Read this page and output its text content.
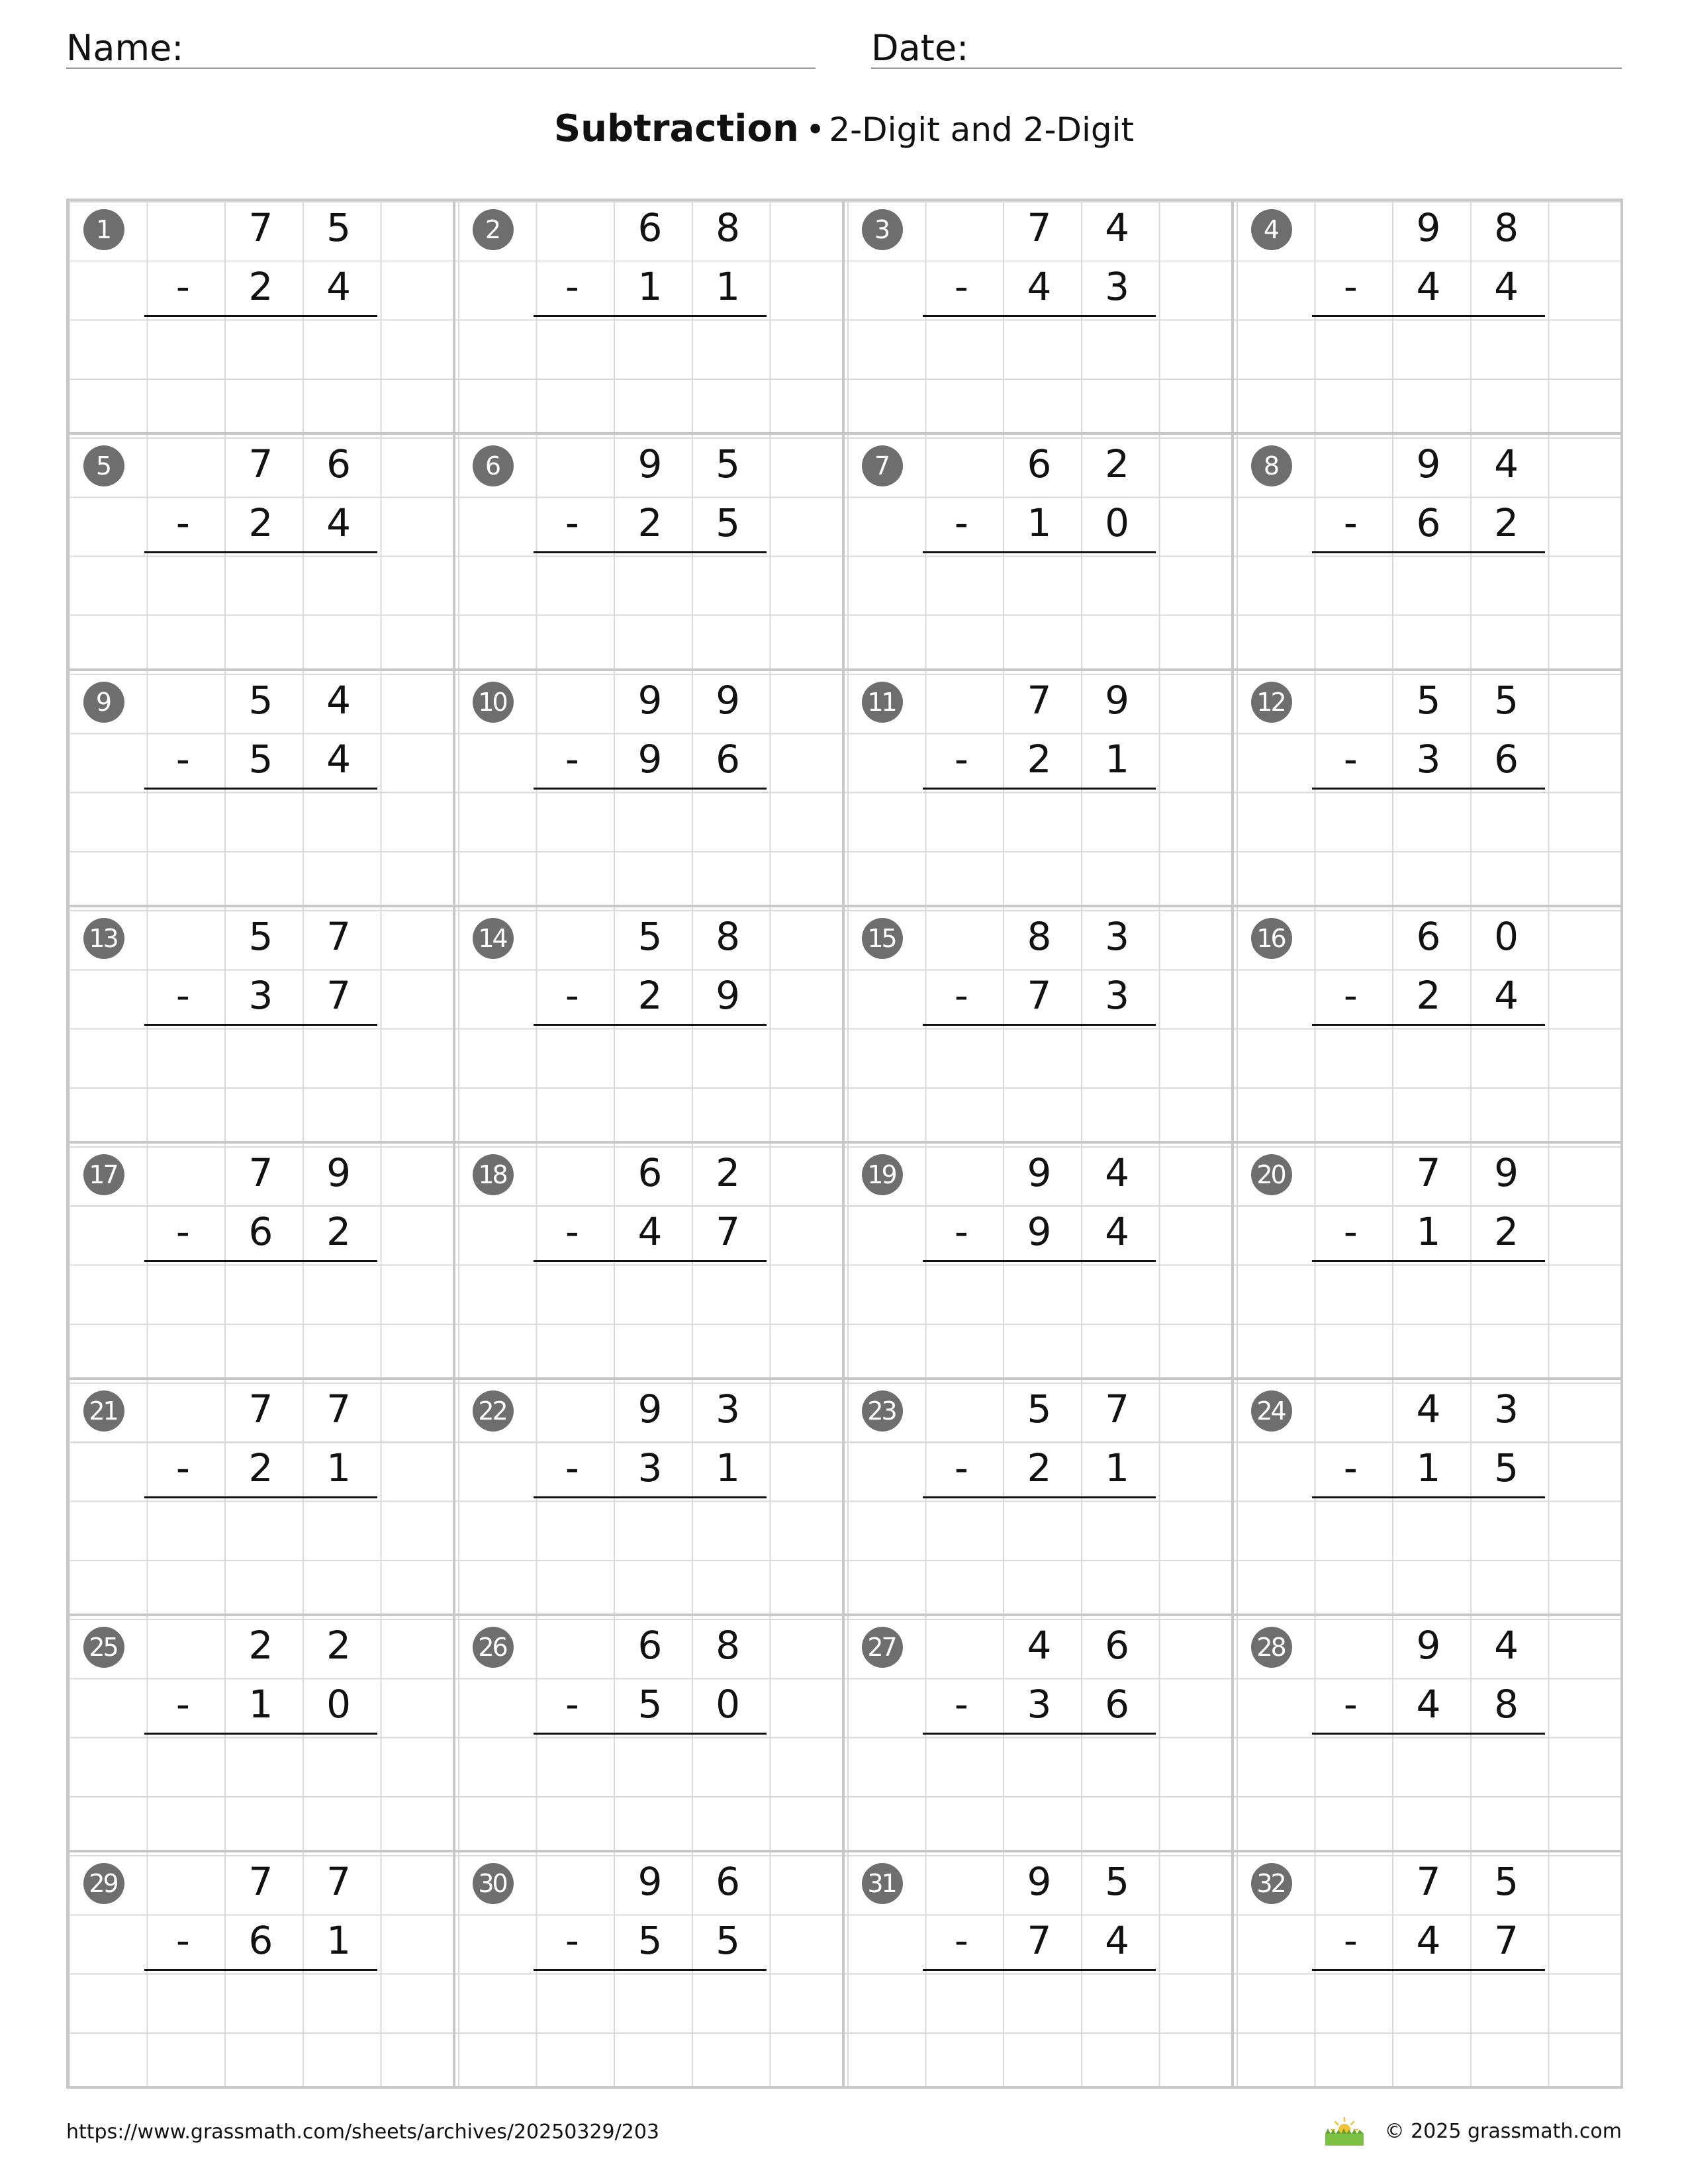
Name:	Date:
Subtraction • 2-Digit and 2-Digit
1	7	5
-	2	4
2	6	8
-	1	1
3	7	4
-	4	3
4	9	8
-	4	4
5	7	6
-	2	4
6	9	5
-	2	5
7	6	2
-	1	0
8	9	4
-	6	2
9	5	4
-	5	4
10	9	9
-	9	6
11	7	9
-	2	1
12	5	5
-	3	6
13	5	7
-	3	7
14	5	8
-	2	9
15	8	3
-	7	3
16	6	0
-	2	4
17	7	9
-	6	2
18	6	2
-	4	7
19	9	4
-	9	4
20	7	9
-	1	2
21	7	7
-	2	1
22	9	3
-	3	1
23	5	7
-	2	1
24	4	3
-	1	5
25	2	2
-	1	0
26	6	8
-	5	0
27	4	6
-	3	6
28	9	4
-	4	8
29	7	7
-	6	1
30	9	6
-	5	5
31	9	5
-	7	4
32	7	5
-	4	7
https://www.grassmath.com/sheets/archives/20250329/203	© 2025 grassmath.com
